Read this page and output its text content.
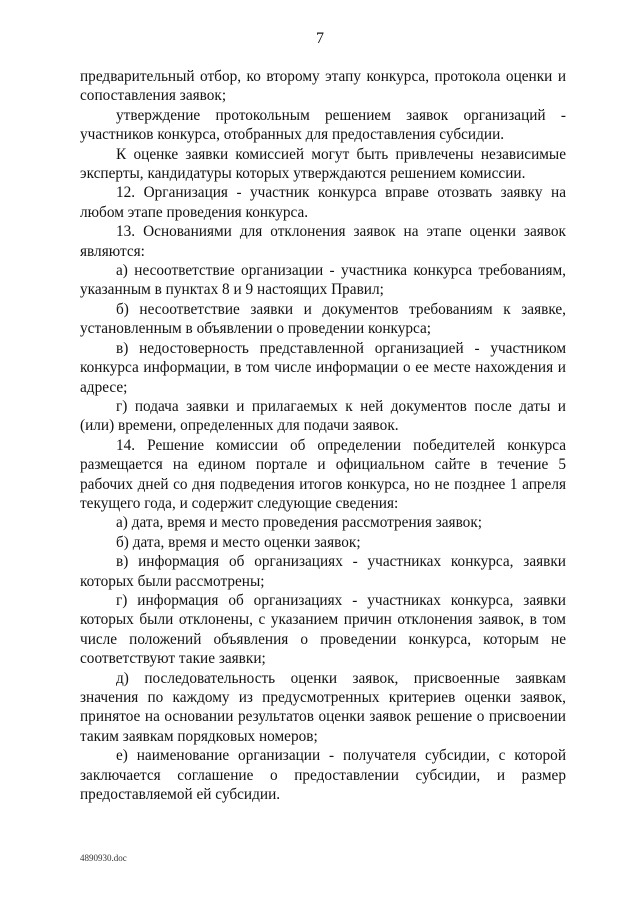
7

предварительный отбор, ко второму этапу конкурса, протокола оценки и сопоставления заявок;

утверждение протокольным решением заявок организаций - участников конкурса, отобранных для предоставления субсидии.

К оценке заявки комиссией могут быть привлечены независимые эксперты, кандидатуры которых утверждаются решением комиссии.

12. Организация - участник конкурса вправе отозвать заявку на любом этапе проведения конкурса.

13. Основаниями для отклонения заявок на этапе оценки заявок являются:

а) несоответствие организации - участника конкурса требованиям, указанным в пунктах 8 и 9 настоящих Правил;

б) несоответствие заявки и документов требованиям к заявке, установленным в объявлении о проведении конкурса;

в) недостоверность представленной организацией - участником конкурса информации, в том числе информации о ее месте нахождения и адресе;

г) подача заявки и прилагаемых к ней документов после даты и (или) времени, определенных для подачи заявок.

14. Решение комиссии об определении победителей конкурса размещается на едином портале и официальном сайте в течение 5 рабочих дней со дня подведения итогов конкурса, но не позднее 1 апреля текущего года, и содержит следующие сведения:

а) дата, время и место проведения рассмотрения заявок;

б) дата, время и место оценки заявок;

в) информация об организациях - участниках конкурса, заявки которых были рассмотрены;

г) информация об организациях - участниках конкурса, заявки которых были отклонены, с указанием причин отклонения заявок, в том числе положений объявления о проведении конкурса, которым не соответствуют такие заявки;

д) последовательность оценки заявок, присвоенные заявкам значения по каждому из предусмотренных критериев оценки заявок, принятое на основании результатов оценки заявок решение о присвоении таким заявкам порядковых номеров;

е) наименование организации - получателя субсидии, с которой заключается соглашение о предоставлении субсидии, и размер предоставляемой ей субсидии.

4890930.doc
